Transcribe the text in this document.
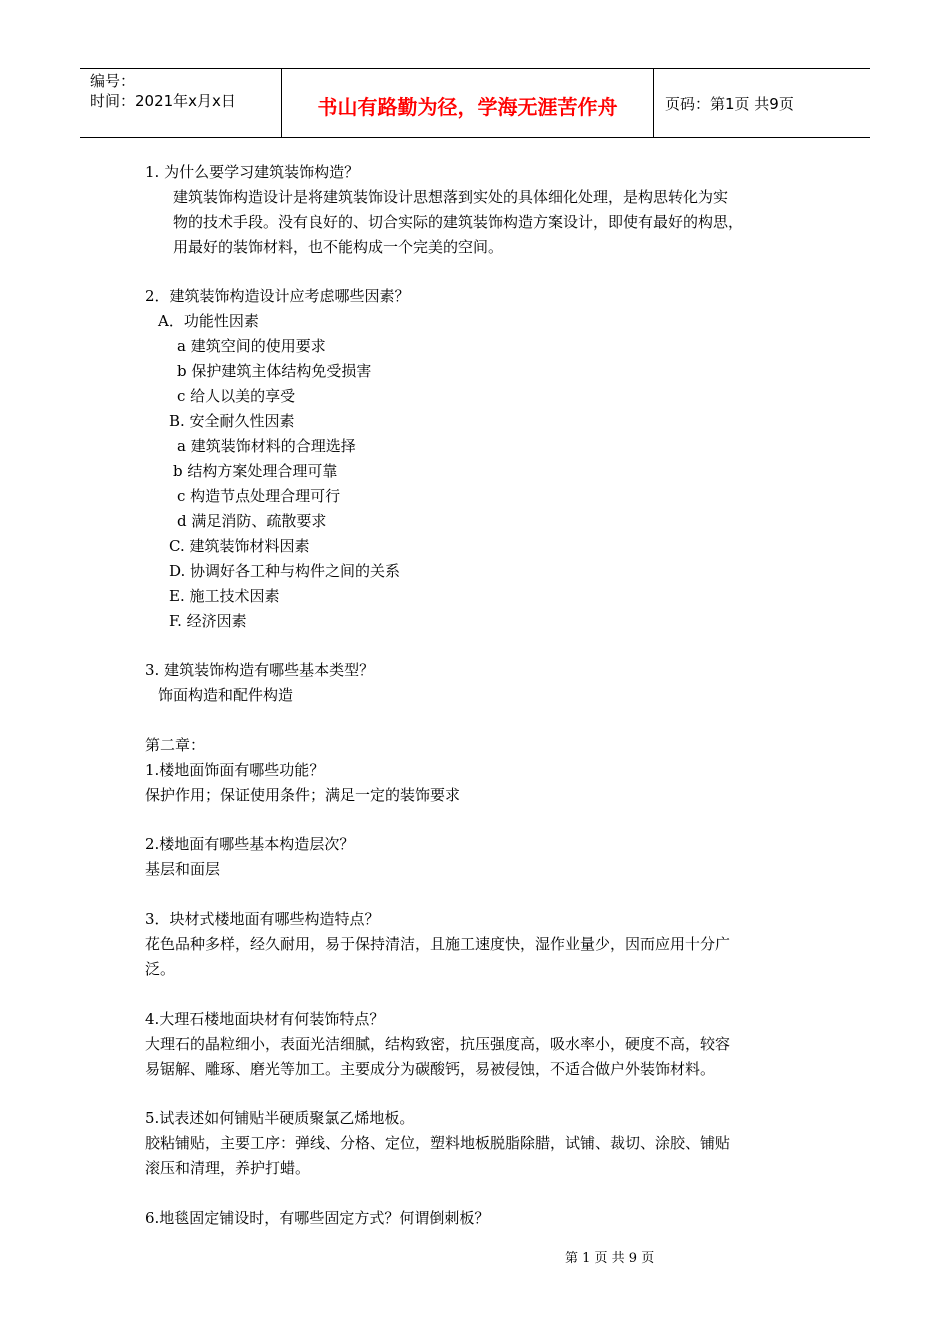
编号：
时间：2021年x月x日	书山有路勤为径，学海无涯苦作舟	页码：第1页 共9页
1. 为什么要学习建筑装饰构造？
建筑装饰构造设计是将建筑装饰设计思想落到实处的具体细化处理，是构思转化为实
物的技术手段。没有良好的、切合实际的建筑装饰构造方案设计，即使有最好的构思，
用最好的装饰材料，也不能构成一个完美的空间。
2．建筑装饰构造设计应考虑哪些因素？
A．功能性因素
a 建筑空间的使用要求
b 保护建筑主体结构免受损害
c 给人以美的享受
B. 安全耐久性因素
a 建筑装饰材料的合理选择
b 结构方案处理合理可靠
c 构造节点处理合理可行
d 满足消防、疏散要求
C. 建筑装饰材料因素
D. 协调好各工种与构件之间的关系
E. 施工技术因素
F. 经济因素
3. 建筑装饰构造有哪些基本类型？
饰面构造和配件构造
第二章：
1.楼地面饰面有哪些功能？
保护作用；保证使用条件；满足一定的装饰要求
2.楼地面有哪些基本构造层次？
基层和面层
3．块材式楼地面有哪些构造特点？
花色品种多样，经久耐用，易于保持清洁，且施工速度快，湿作业量少，因而应用十分广
泛。
4.大理石楼地面块材有何装饰特点？
大理石的晶粒细小，表面光洁细腻，结构致密，抗压强度高，吸水率小，硬度不高，较容
易锯解、雕琢、磨光等加工。主要成分为碳酸钙，易被侵蚀，不适合做户外装饰材料。
5.试表述如何铺贴半硬质聚氯乙烯地板。
胶粘铺贴，主要工序：弹线、分格、定位，塑料地板脱脂除腊，试铺、裁切、涂胶、铺贴
滚压和清理，养护打蜡。
6.地毯固定铺设时，有哪些固定方式？何谓倒刺板？
第 1 页 共 9 页
